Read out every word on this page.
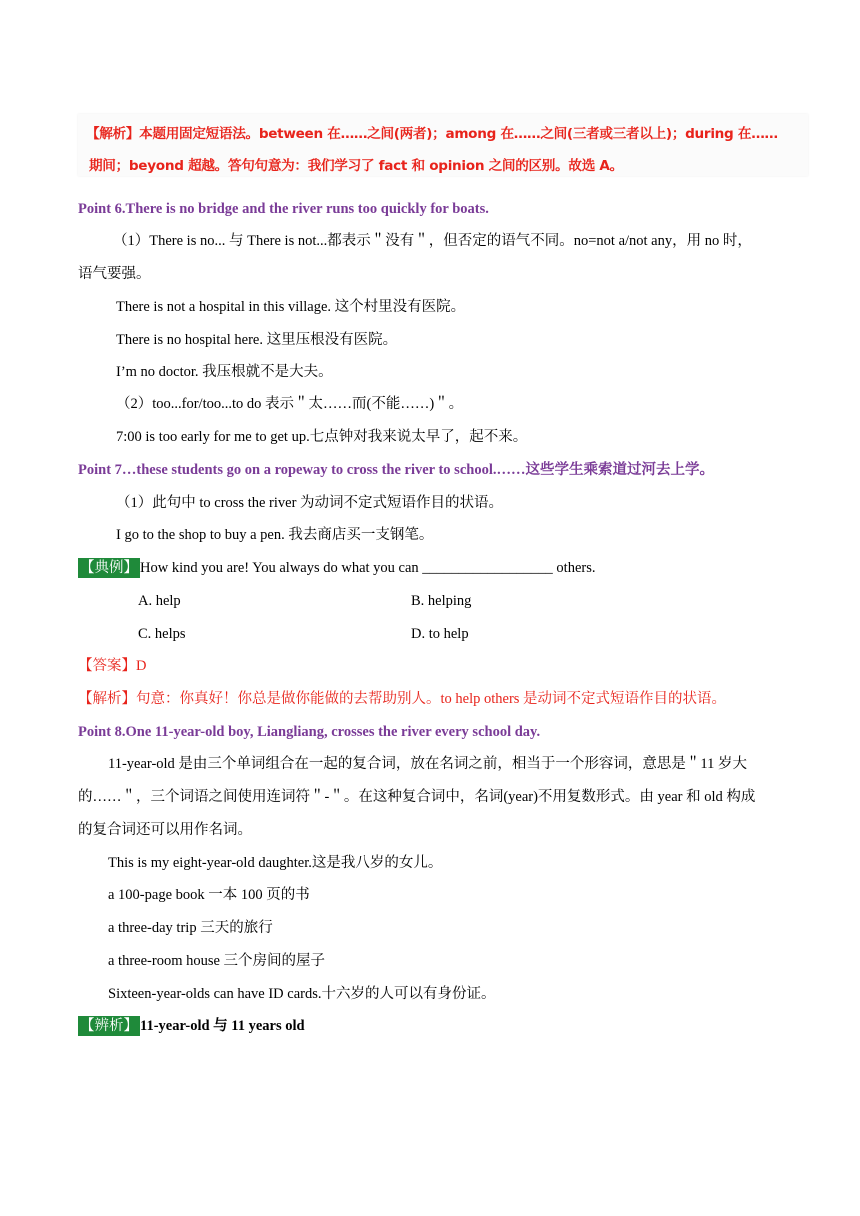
【解析】本题用固定短语法。between 在……之间(两者)；among 在……之间(三者或三者以上)；during 在……
期间；beyond 超越。答句句意为：我们学习了 fact 和 opinion 之间的区别。故选 A。
Point 6.There is no bridge and the river runs too quickly for boats.
（1）There is no... 与 There is not...都表示＂没有＂，但否定的语气不同。no=not a/not any，用 no 时，
语气要强。
There is not a hospital in this village. 这个村里没有医院。
There is no hospital here. 这里压根没有医院。
I’m no doctor. 我压根就不是大夫。
（2）too...for/too...to do 表示＂太……而(不能……)＂。
7:00 is too early for me to get up.七点钟对我来说太早了，起不来。
Point 7…these students go on a ropeway to cross the river to school.……这些学生乘索道过河去上学。
（1）此句中 to cross the river 为动词不定式短语作目的状语。
I go to the shop to buy a pen. 我去商店买一支钢笔。
【典例】 How kind you are! You always do what you can __________________ others.
A. help	B. helping
C. helps	D. to help
【答案】D
【解析】句意：你真好！你总是做你能做的去帮助别人。to help others 是动词不定式短语作目的状语。
Point 8.One 11-year-old boy, Liangliang, crosses the river every school day.
11-year-old 是由三个单词组合在一起的复合词，放在名词之前，相当于一个形容词，意思是＂11 岁大
的……＂，三个词语之间使用连词符＂-＂。在这种复合词中，名词(year)不用复数形式。由 year 和 old 构成
的复合词还可以用作名词。
This is my eight-year-old daughter.这是我八岁的女儿。
a 100-page book 一本 100 页的书
a three-day trip 三天的旅行
a three-room house 三个房间的屋子
Sixteen-year-olds can have ID cards.十六岁的人可以有身份证。
【辨析】 11-year-old 与 11 years old
